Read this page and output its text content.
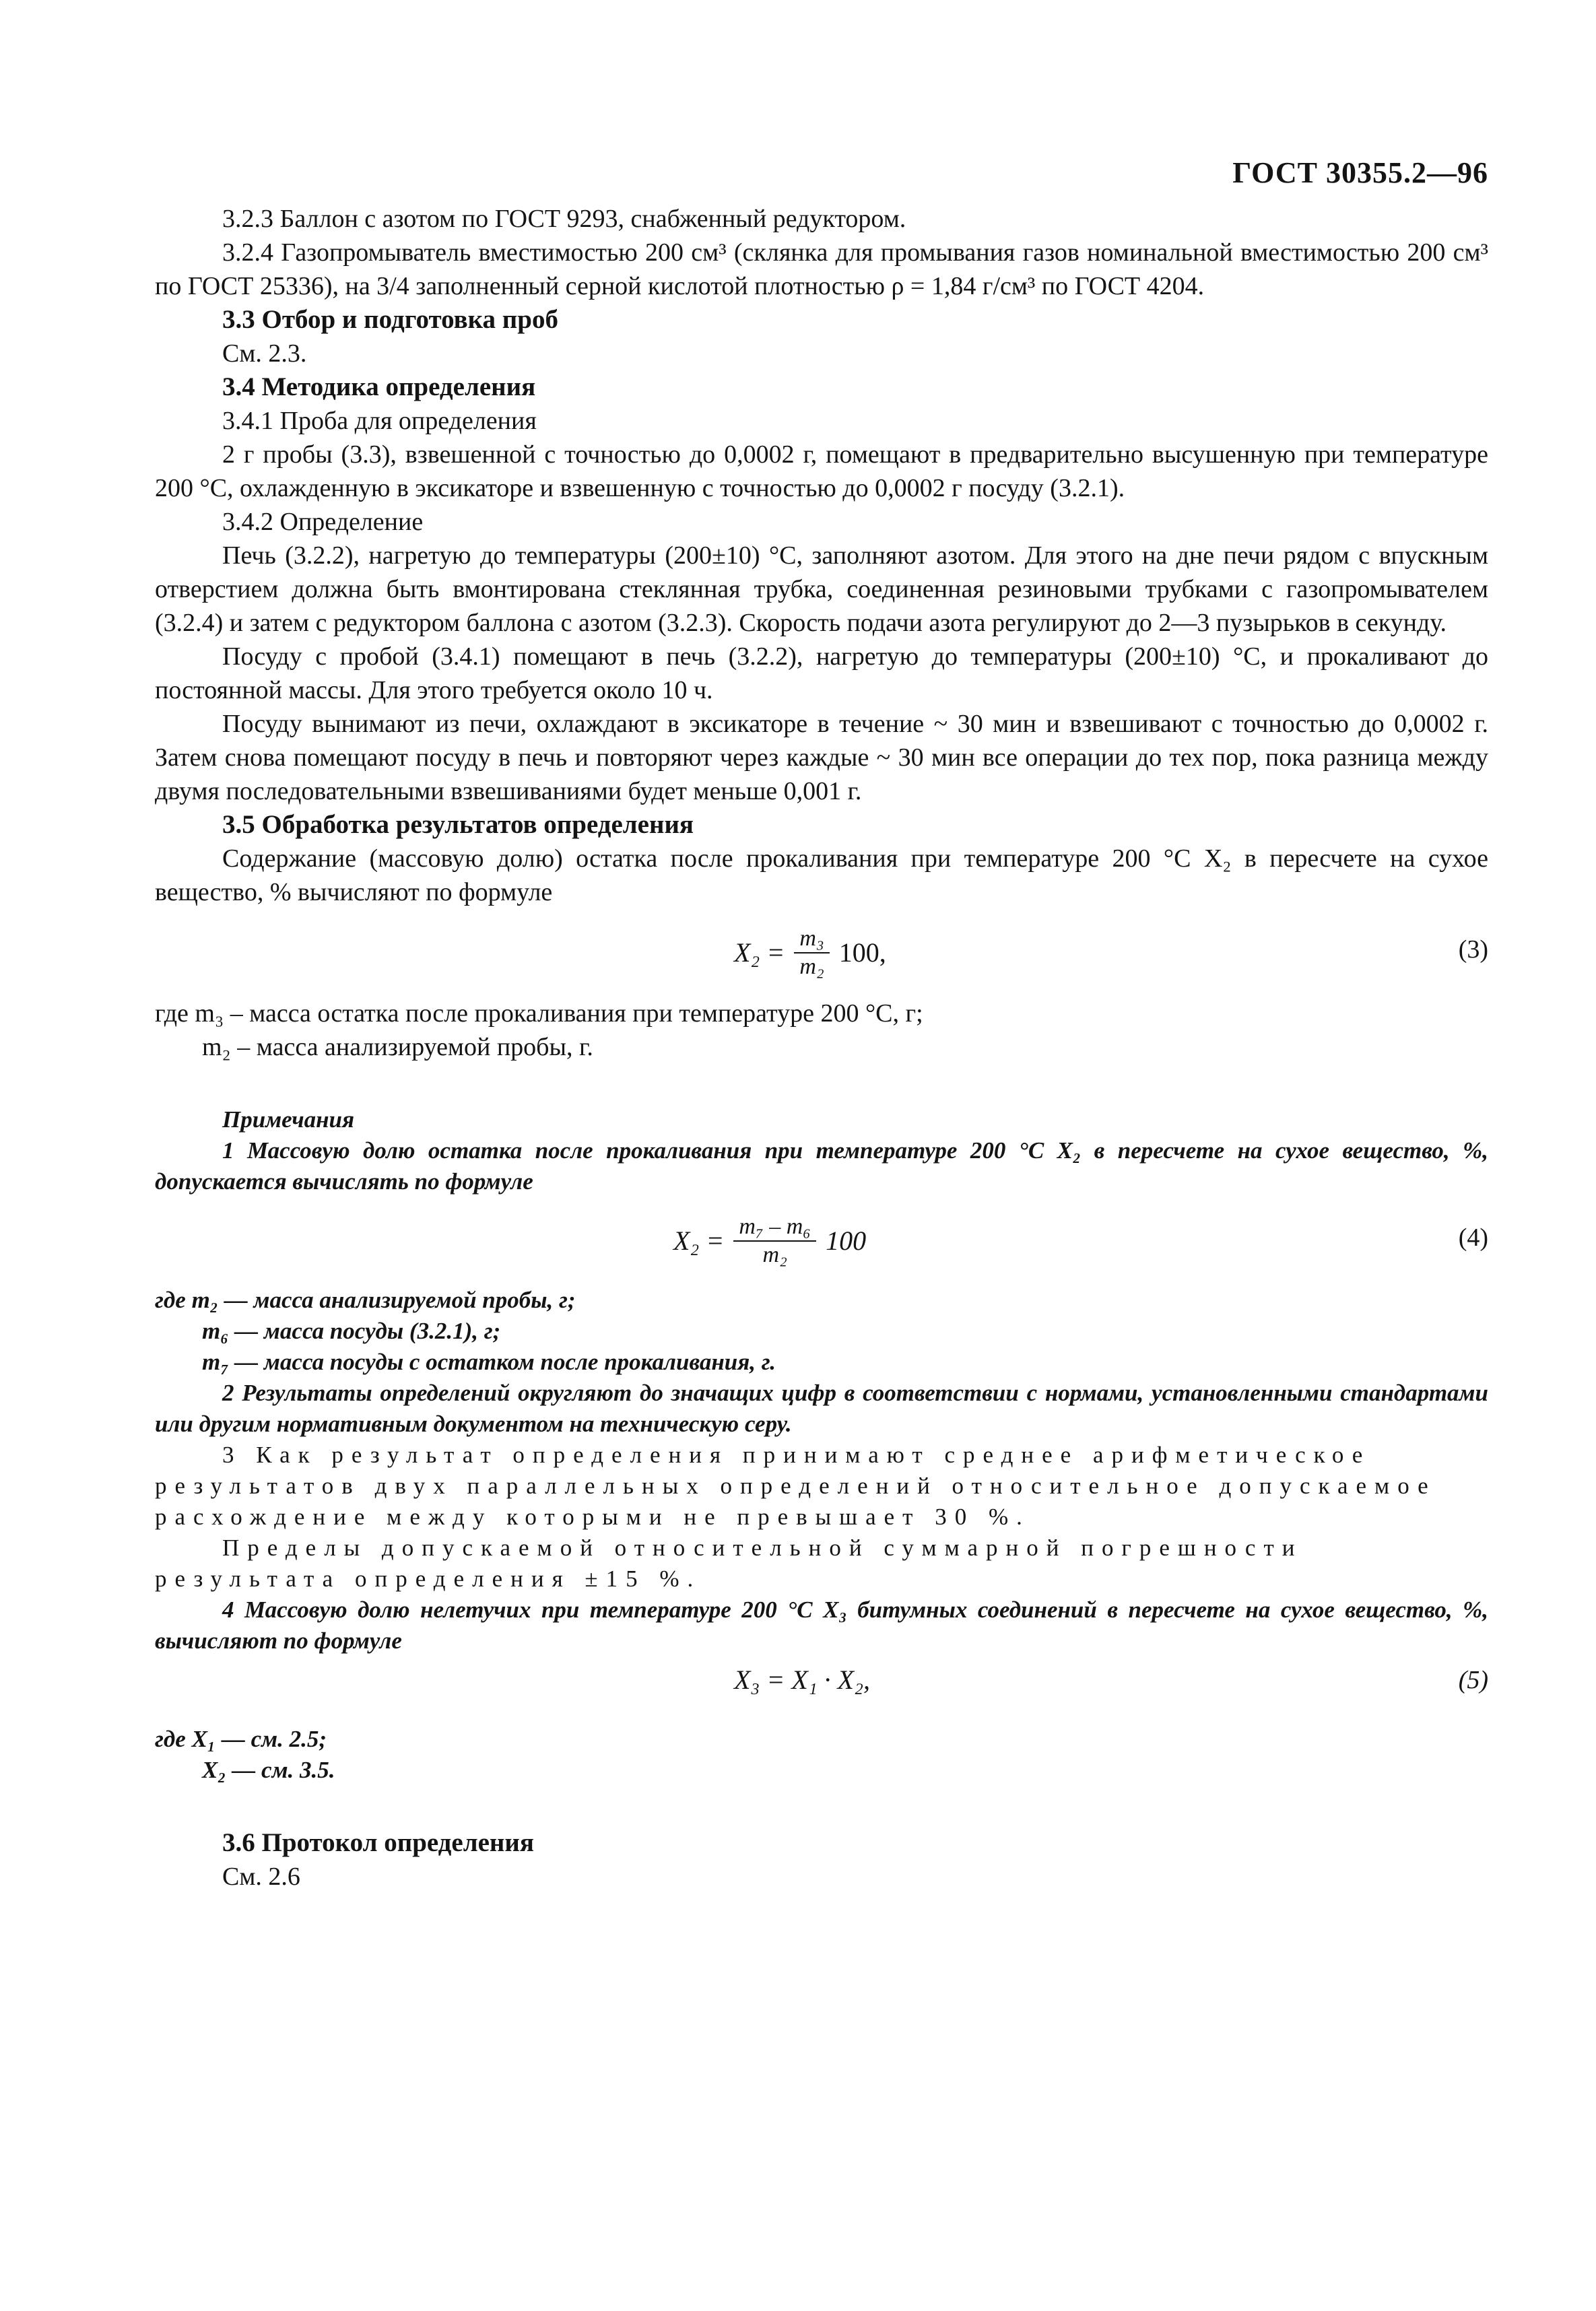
ГОСТ 30355.2—96

3.2.3 Баллон с азотом по ГОСТ 9293, снабженный редуктором.

3.2.4 Газопромыватель вместимостью 200 см³ (склянка для промывания газов номинальной вместимостью 200 см³ по ГОСТ 25336), на 3/4 заполненный серной кислотой плотностью ρ = 1,84 г/см³ по ГОСТ 4204.

3.3 Отбор и подготовка проб

См. 2.3.

3.4 Методика определения

3.4.1 Проба для определения

2 г пробы (3.3), взвешенной с точностью до 0,0002 г, помещают в предварительно высушенную при температуре 200 °С, охлажденную в эксикаторе и взвешенную с точностью до 0,0002 г посуду (3.2.1).

3.4.2 Определение

Печь (3.2.2), нагретую до температуры (200±10) °С, заполняют азотом. Для этого на дне печи рядом с впускным отверстием должна быть вмонтирована стеклянная трубка, соединенная резиновыми трубками с газопромывателем (3.2.4) и затем с редуктором баллона с азотом (3.2.3). Скорость подачи азота регулируют до 2—3 пузырьков в секунду.

Посуду с пробой (3.4.1) помещают в печь (3.2.2), нагретую до температуры (200±10) °С, и прокаливают до постоянной массы. Для этого требуется около 10 ч.

Посуду вынимают из печи, охлаждают в эксикаторе в течение ~ 30 мин и взвешивают с точностью до 0,0002 г. Затем снова помещают посуду в печь и повторяют через каждые ~ 30 мин все операции до тех пор, пока разница между двумя последовательными взвешиваниями будет меньше 0,001 г.

3.5 Обработка результатов определения

Содержание (массовую долю) остатка после прокаливания при температуре 200 °С X₂ в пересчете на сухое вещество, % вычисляют по формуле

$X_2 = \frac{\text{m₃}}{\text{m₂}} 100$,	(3)

где m₃ – масса остатка после прокаливания при температуре 200 °С, г;

m₂ – масса анализируемой пробы, г.

Примечания

1 Массовую долю остатка после прокаливания при температуре 200 °С X₂ в пересчете на сухое вещество, %, допускается вычислять по формуле

$X_2 = \frac{\text{m₇ – m₆}}{\text{m₂}} 100$	(4)

где m₂ — масса анализируемой пробы, г;

m₆ — масса посуды (3.2.1), г;

m₇ — масса посуды с остатком после прокаливания, г.

2 Результаты определений округляют до значащих цифр в соответствии с нормами, установленными стандартами или другим нормативным документом на техническую серу.

3 Как результат определения принимают среднее арифметическое результатов двух параллельных определений относительное допускаемое расхождение между которыми не превышает 30 %.

Пределы допускаемой относительной суммарной погрешности результата определения ±15 %.

4 Массовую долю нелетучих при температуре 200 °С X₃ битумных соединений в пересчете на сухое вещество, %, вычисляют по формуле

X₃ = X₁ · X₂,	(5)

где X₁ — см. 2.5;

X₂ — см. 3.5.

3.6 Протокол определения

См. 2.6
